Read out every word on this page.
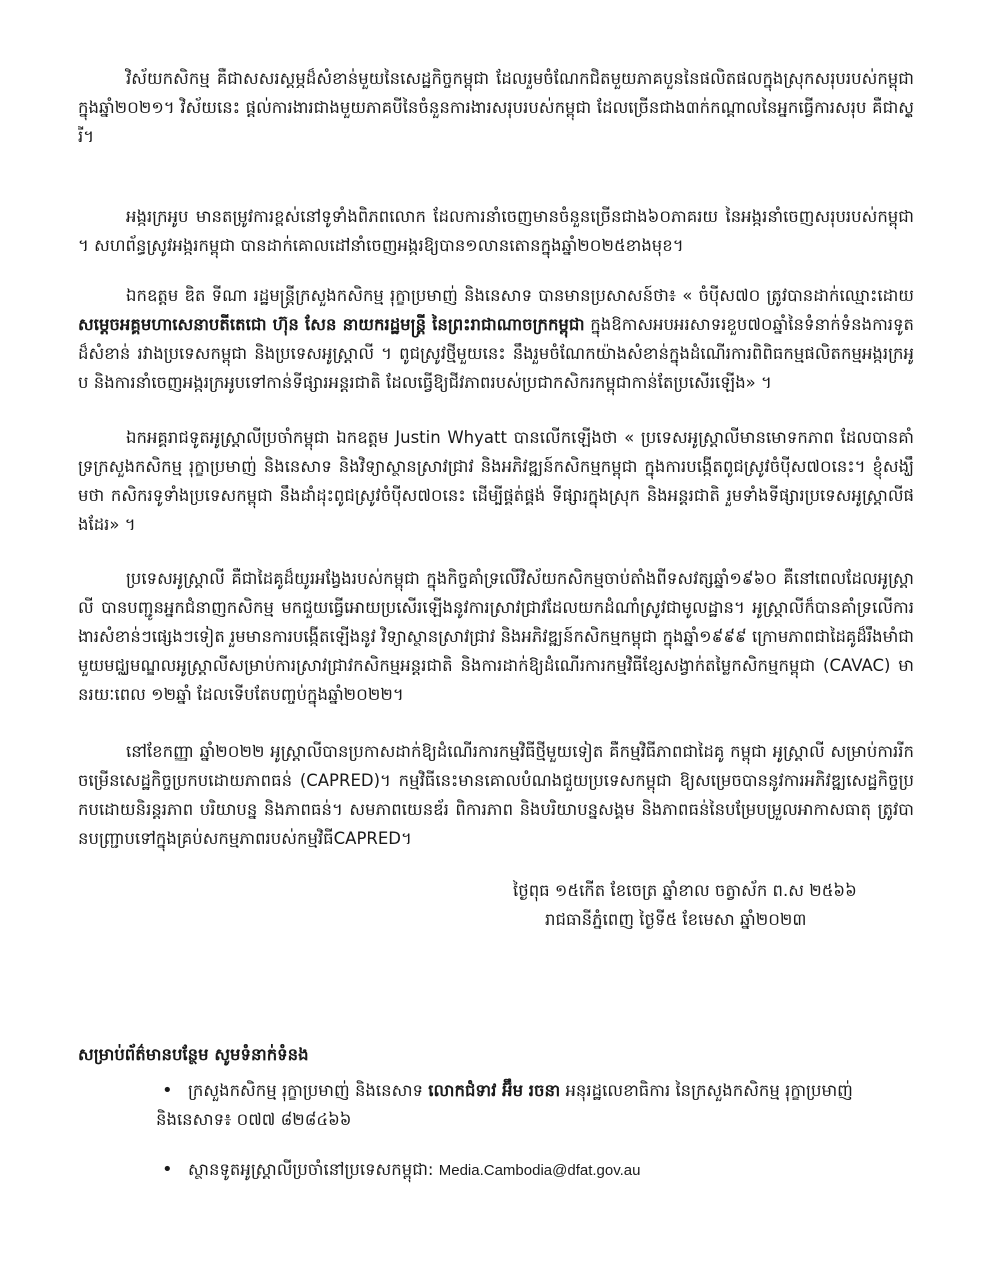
វិស័យកសិកម្ម គឺជាសសរស្តម្ភដ៏សំខាន់មួយនៃសេដ្ឋកិច្ចកម្ពុជា ដែលរួមចំណែកជិតមួយភាគបួននៃផលិតផលក្នុងស្រុកសរុបរបស់កម្ពុជាក្នុងឆ្នាំ២០២១។ វិស័យនេះ ផ្តល់ការងារជាងមួយភាគបីនៃចំនួនការងារសរុបរបស់កម្ពុជា ដែលច្រើនជាង៣ក់កណ្តាលនៃអ្នកធ្វើការសរុប គឺជាស្ត្រី។

អង្ករក្រអូប មានតម្រូវការខ្ពស់នៅទូទាំងពិភពលោក ដែលការនាំចេញមានចំនួនច្រើនជាង៦០ភាគរយ នៃអង្ករនាំចេញសរុបរបស់កម្ពុជា។ សហព័ន្ធស្រូវអង្ករកម្ពុជា បានដាក់គោលដៅនាំចេញអង្ករឱ្យបាន១លានតោនក្នុងឆ្នាំ២០២៥ខាងមុខ។

ឯកឧត្តម ឌិត ទីណា រដ្ឋមន្ត្រីក្រសួងកសិកម្ម រុក្ខាប្រមាញ់ និងនេសាទ បានមានប្រសាសន៍ថា៖ « ចំប៉ីស៧០ ត្រូវបានដាក់ឈ្មោះដោយ សម្តេចអគ្គមហាសេនាបតីតេជោ ហ៊ុន សែន នាយករដ្ឋមន្ត្រី នៃព្រះរាជាណាចក្រកម្ពុជា ក្នុងឱកាសអបអរសាទរខួប៧០ឆ្នាំនៃទំនាក់ទំនងការទូតដ៏សំខាន់ រវាងប្រទេសកម្ពុជា និងប្រទេសអូស្ត្រាលី ។ ពូជស្រូវថ្មីមួយនេះ នឹងរួមចំណែកយ៉ាងសំខាន់ក្នុងដំណើរការពិពិធកម្មផលិតកម្មអង្ករក្រអូប និងការនាំចេញអង្ករក្រអូបទៅកាន់ទីផ្សារអន្តរជាតិ ដែលធ្វើឱ្យជីវភាពរបស់ប្រជាកសិករកម្ពុជាកាន់តែប្រសើរឡើង» ។

ឯកអគ្គរាជទូតអូស្ត្រាលីប្រចាំកម្ពុជា ឯកឧត្តម Justin Whyatt បានលើកឡើងថា « ប្រទេសអូស្ត្រាលីមានមោទកភាព ដែលបានគាំទ្រក្រសួងកសិកម្ម រុក្ខាប្រមាញ់ និងនេសាទ និងវិទ្យាស្ថានស្រាវជ្រាវ និងអភិវឌ្ឍន៍កសិកម្មកម្ពុជា ក្នុងការបង្កើតពូជស្រូវចំប៉ីស៧០នេះ។ ខ្ញុំសង្ឃឹមថា កសិករទូទាំងប្រទេសកម្ពុជា នឹងដាំដុះពូជស្រូវចំប៉ីស៧០នេះ ដើម្បីផ្គត់ផ្គង់ ទីផ្សារក្នុងស្រុក និងអន្តរជាតិ រួមទាំងទីផ្សារប្រទេសអូស្ត្រាលីផងដែរ» ។

ប្រទេសអូស្ត្រាលី គឺជាដៃគូដ៏យូរអង្វែងរបស់កម្ពុជា ក្នុងកិច្ចគាំទ្រលើវិស័យកសិកម្មចាប់តាំងពីទសវត្សឆ្នាំ១៩៦០ គឺនៅពេលដែលអូស្ត្រាលី បានបញ្ជូនអ្នកជំនាញកសិកម្ម មកជួយធ្វើអោយប្រសើរឡើងនូវការស្រាវជ្រាវដែលយកដំណាំស្រូវជាមូលដ្ឋាន។ អូស្ត្រាលីក៏បានគាំទ្រលើការងារសំខាន់ៗផ្សេងៗទៀត រួមមានការបង្កើតឡើងនូវ វិទ្យាស្ថានស្រាវជ្រាវ និងអភិវឌ្ឍន៍កសិកម្មកម្ពុជា ក្នុងឆ្នាំ១៩៩៩ ក្រោមភាពជាដៃគូដ៏រឹងមាំជាមួយមជ្ឈមណ្ឌលអូស្ត្រាលីសម្រាប់ការស្រាវជ្រាវកសិកម្មអន្តរជាតិ និងការដាក់ឱ្យដំណើរការកម្មវិធីខ្សែសង្វាក់តម្លៃកសិកម្មកម្ពុជា (CAVAC) មានរយៈពេល ១២ឆ្នាំ ដែលទើបតែបញ្ចប់ក្នុងឆ្នាំ២០២២។

នៅខែកញ្ញា ឆ្នាំ២០២២ អូស្ត្រាលីបានប្រកាសដាក់ឱ្យដំណើរការកម្មវិធីថ្មីមួយទៀត គឺកម្មវិធីភាពជាដៃគូ កម្ពុជា អូស្ត្រាលី សម្រាប់ការរីកចម្រើនសេដ្ឋកិច្ចប្រកបដោយភាពធន់ (CAPRED)។ កម្មវិធីនេះមានគោលបំណងជួយប្រទេសកម្ពុជា ឱ្យសម្រេចបាននូវការអភិវឌ្ឍសេដ្ឋកិច្ចប្រកបដោយនិរន្តរភាព បរិយាបន្ន និងភាពធន់។ សមភាពយេនឌ័រ ពិការភាព និងបរិយាបន្នសង្គម និងភាពធន់នៃបម្រែបម្រួលអាកាសធាតុ ត្រូវបានបញ្ជ្រាបទៅក្នុងគ្រប់សកម្មភាពរបស់កម្មវិធីCAPRED។

ថ្ងៃពុធ ១៥កើត ខែចេត្រ ឆ្នាំខាល ចត្វាស័ក ព.ស ២៥៦៦

រាជធានីភ្នំពេញ ថ្ងៃទី៥ ខែមេសា ឆ្នាំ២០២៣

សម្រាប់ព័ត៌មានបន្ថែម សូមទំនាក់ទំនង

• ក្រសួងកសិកម្ម រុក្ខាប្រមាញ់ និងនេសាទ លោកជំទាវ អ៊ឹម រចនា អនុរដ្ឋលេខាធិការ នៃក្រសួងកសិកម្ម រុក្ខាប្រមាញ់
និងនេសាទ៖ ០៧៧ ៨២៨៤៦៦
• ស្ថានទូតអូស្ត្រាលីប្រចាំនៅប្រទេសកម្ពុជា: Media.Cambodia@dfat.gov.au
